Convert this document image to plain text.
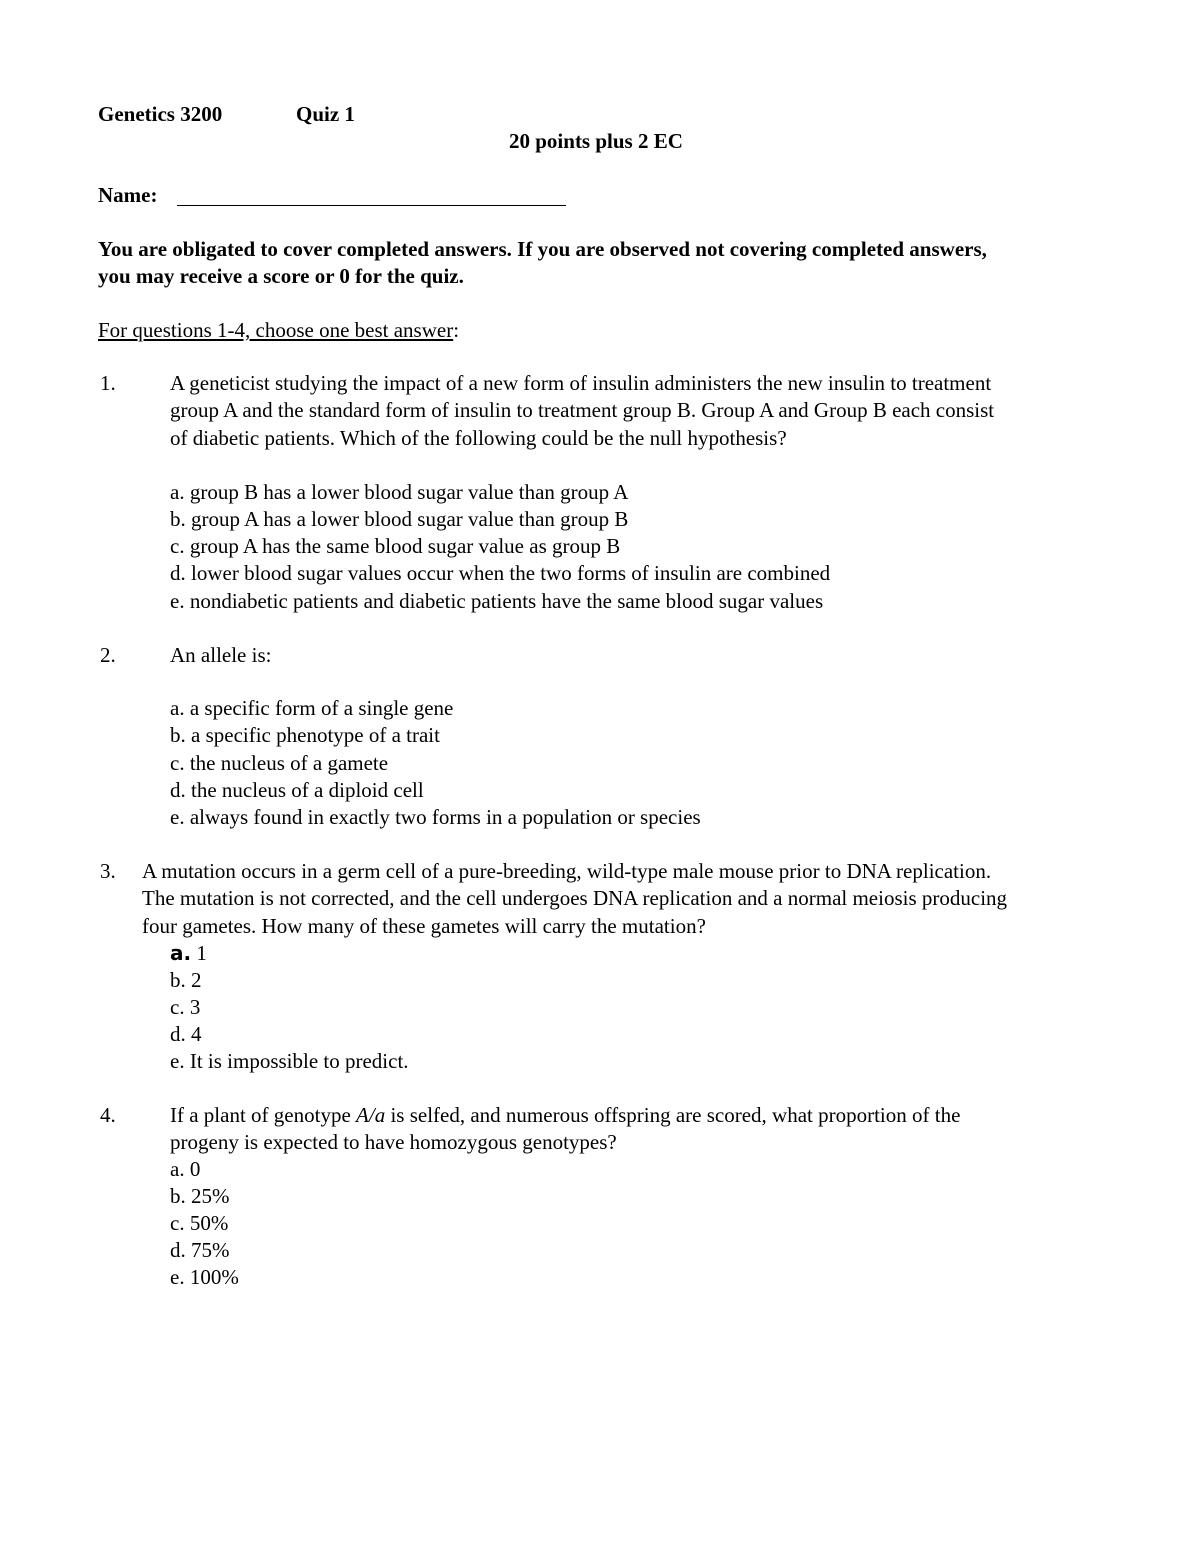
Genetics 3200	Quiz 1
20 points plus 2 EC
Name:
You are obligated to cover completed answers. If you are observed not covering completed answers,
you may receive a score or 0 for the quiz.
For questions 1-4, choose one best answer:
1.	A geneticist studying the impact of a new form of insulin administers the new insulin to treatment
group A and the standard form of insulin to treatment group B. Group A and Group B each consist
of diabetic patients. Which of the following could be the null hypothesis?
a. group B has a lower blood sugar value than group A
b. group A has a lower blood sugar value than group B
c. group A has the same blood sugar value as group B
d. lower blood sugar values occur when the two forms of insulin are combined
e. nondiabetic patients and diabetic patients have the same blood sugar values
2.	An allele is:
a. a specific form of a single gene
b. a specific phenotype of a trait
c. the nucleus of a gamete
d. the nucleus of a diploid cell
e. always found in exactly two forms in a population or species
3. A mutation occurs in a germ cell of a pure-breeding, wild-type male mouse prior to DNA replication.
The mutation is not corrected, and the cell undergoes DNA replication and a normal meiosis producing
four gametes. How many of these gametes will carry the mutation?
a. 1
b. 2
c. 3
d. 4
e. It is impossible to predict.
4.	If a plant of genotype A/a is selfed, and numerous offspring are scored, what proportion of the
progeny is expected to have homozygous genotypes?
a. 0
b. 25%
c. 50%
d. 75%
e. 100%
